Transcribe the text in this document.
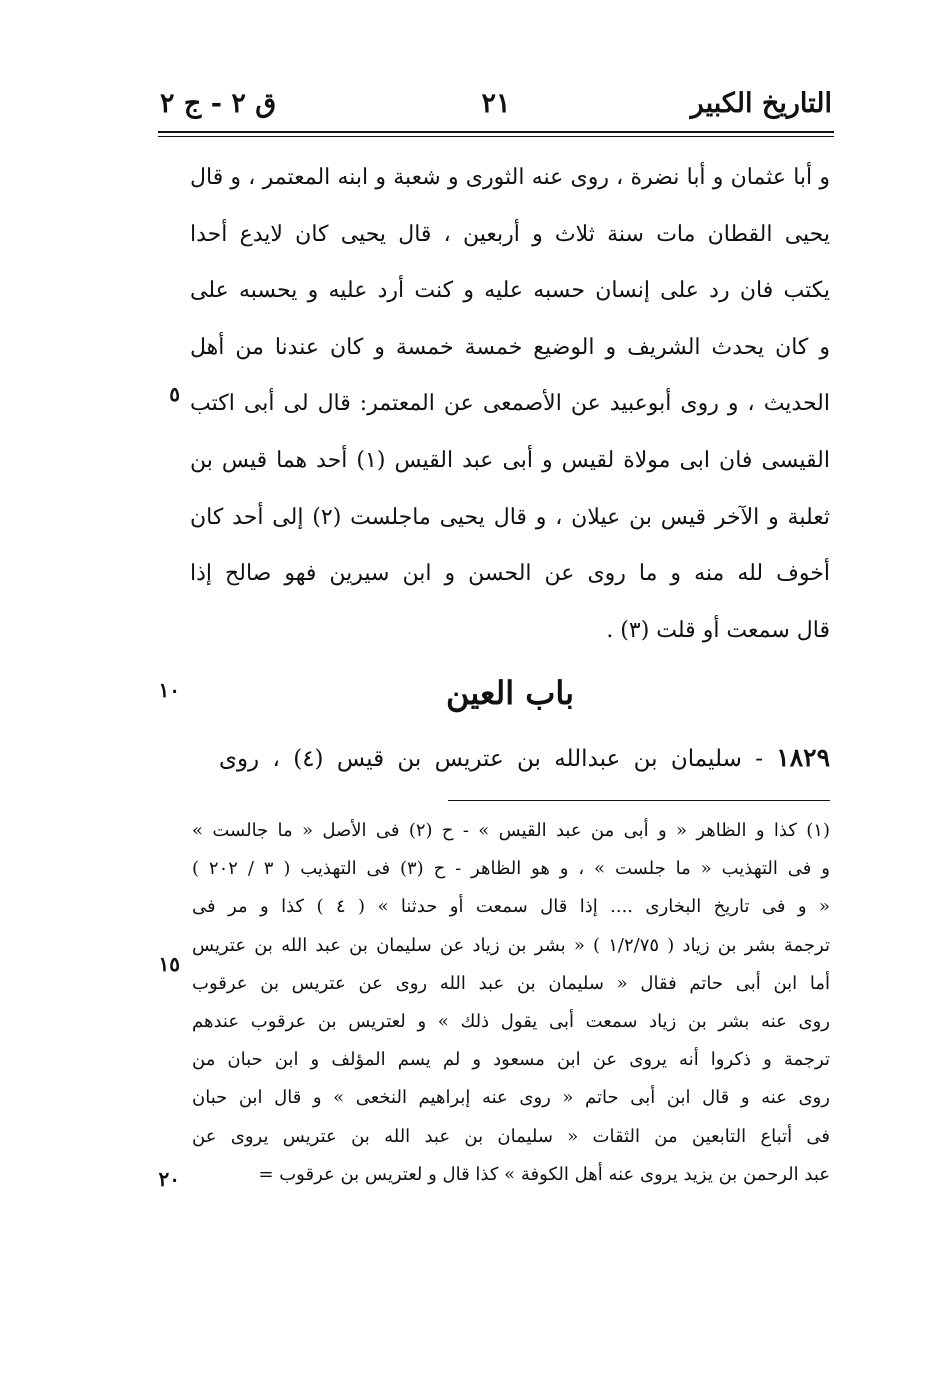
ق ٢ - ج ٢	٢١	التاريخ الكبير
و أبا عثمان و أبا نضرة ، روى عنه الثورى و شعبة و ابنه المعتمر ، و قال
يحيى القطان مات سنة ثلاث و أربعين ، قال يحيى كان لايدع أحدا
يكتب فان رد على إنسان حسبه عليه و كنت أرد عليه و يحسبه على
و كان يحدث الشريف و الوضيع خمسة خمسة و كان عندنا من أهل
الحديث ، و روى أبوعبيد عن الأصمعى عن المعتمر: قال لى أبى اكتب
القيسى فان ابى مولاة لقيس و أبى عبد القيس (١) أحد هما قيس بن
ثعلبة و الآخر قيس بن عيلان ، و قال يحيى ماجلست (٢) إلى أحد كان
أخوف لله منه و ما روى عن الحسن و ابن سيرين فهو صالح إذا
قال سمعت أو قلت (٣) .
٥
١٠
١٥
٢٠
باب العين
١٨٢٩ - سليمان بن عبدالله بن عتريس بن قيس (٤) ، روى
(١) كذا و الظاهر « و أبى من عبد القيس » - ح (٢) فى الأصل « ما جالست »
و فى التهذيب « ما جلست » ، و هو الظاهر - ح (٣) فى التهذيب ( ٣ / ٢٠٢ )
« و فى تاريخ البخارى .... إذا قال سمعت أو حدثنا » ( ٤ ) كذا و مر فى
ترجمة بشر بن زياد ( ١/٢/٧٥ ) « بشر بن زياد عن سليمان بن عبد الله بن عتريس
أما ابن أبى حاتم فقال « سليمان بن عبد الله روى عن عتريس بن عرقوب
روى عنه بشر بن زياد سمعت أبى يقول ذلك » و لعتريس بن عرقوب عندهم
ترجمة و ذكروا أنه يروى عن ابن مسعود و لم يسم المؤلف و ابن حبان من
روى عنه و قال ابن أبى حاتم « روى عنه إبراهيم النخعى » و قال ابن حبان
فى أتباع التابعين من الثقات « سليمان بن عبد الله بن عتريس يروى عن
عبد الرحمن بن يزيد يروى عنه أهل الكوفة » كذا قال و لعتريس بن عرقوب =
